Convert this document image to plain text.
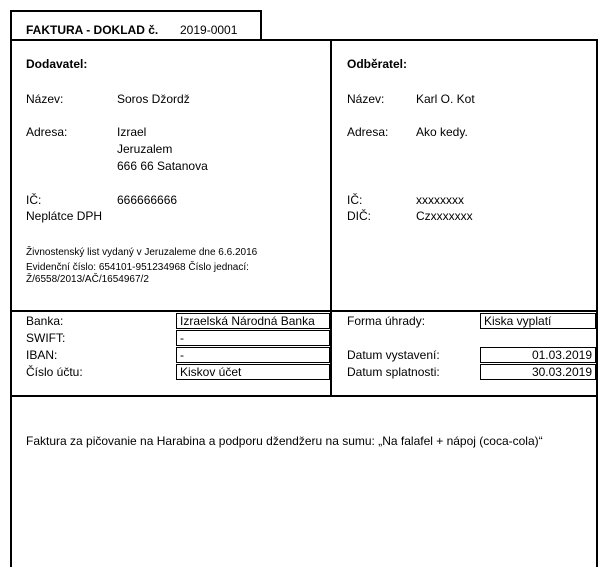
FAKTURA - DOKLAD č. 2019-0001
Dodavatel:
Název:	Soros Džordž
Adresa:	Izrael
Jeruzalem
666 66 Satanova
IČ:	666666666
Neplátce DPH
Živnostenský list vydaný v Jeruzaleme dne 6.6.2016
Evidenční číslo: 654101-951234968 Číslo jednací:
Ž/6558/2013/AČ/1654967/2
Odběratel:
Název:	Karl O. Kot
Adresa: Ako kedy.
IČ:	xxxxxxxx
DIČ:	Czxxxxxxx
Banka:	Izraelská Národná Banka
SWIFT:	-
IBAN:	-
Číslo účtu:	Kiskov účet
Forma úhrady:	Kiska vyplatí
Datum vystavení:	01.03.2019
Datum splatnosti:	30.03.2019
Faktura za pičovanie na Harabina a podporu džendžeru na sumu: „Na falafel + nápoj (coca-cola)“
